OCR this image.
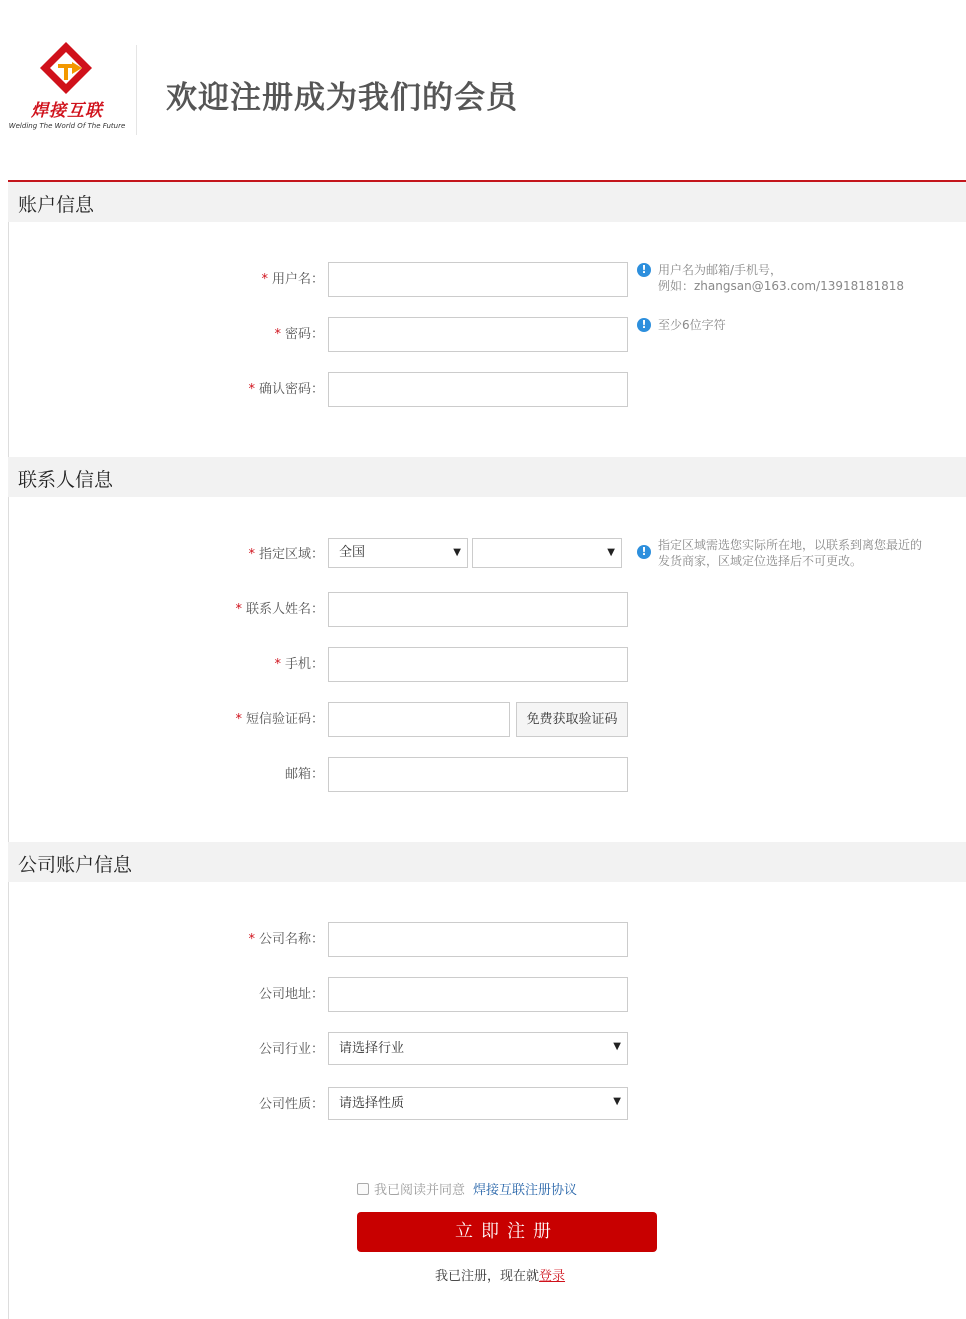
焊接互联
Welding The World Of The Future
欢迎注册成为我们的会员
账户信息
* 用户名：
! 用户名为邮箱/手机号，
例如：zhangsan@163.com/13918181818
* 密码：
! 至少6位字符
* 确认密码：
联系人信息
* 指定区域：	全国	▼	▼	! 指定区域需选您实际所在地，以联系到离您最近的
发货商家，区域定位选择后不可更改。
* 联系人姓名：
* 手机：
* 短信验证码：	免费获取验证码
邮箱：
公司账户信息
* 公司名称：
公司地址：
公司行业：	请选择行业	▼
公司性质：	请选择性质	▼
我已阅读并同意 焊接互联注册协议
立即注册
我已注册，现在就登录
